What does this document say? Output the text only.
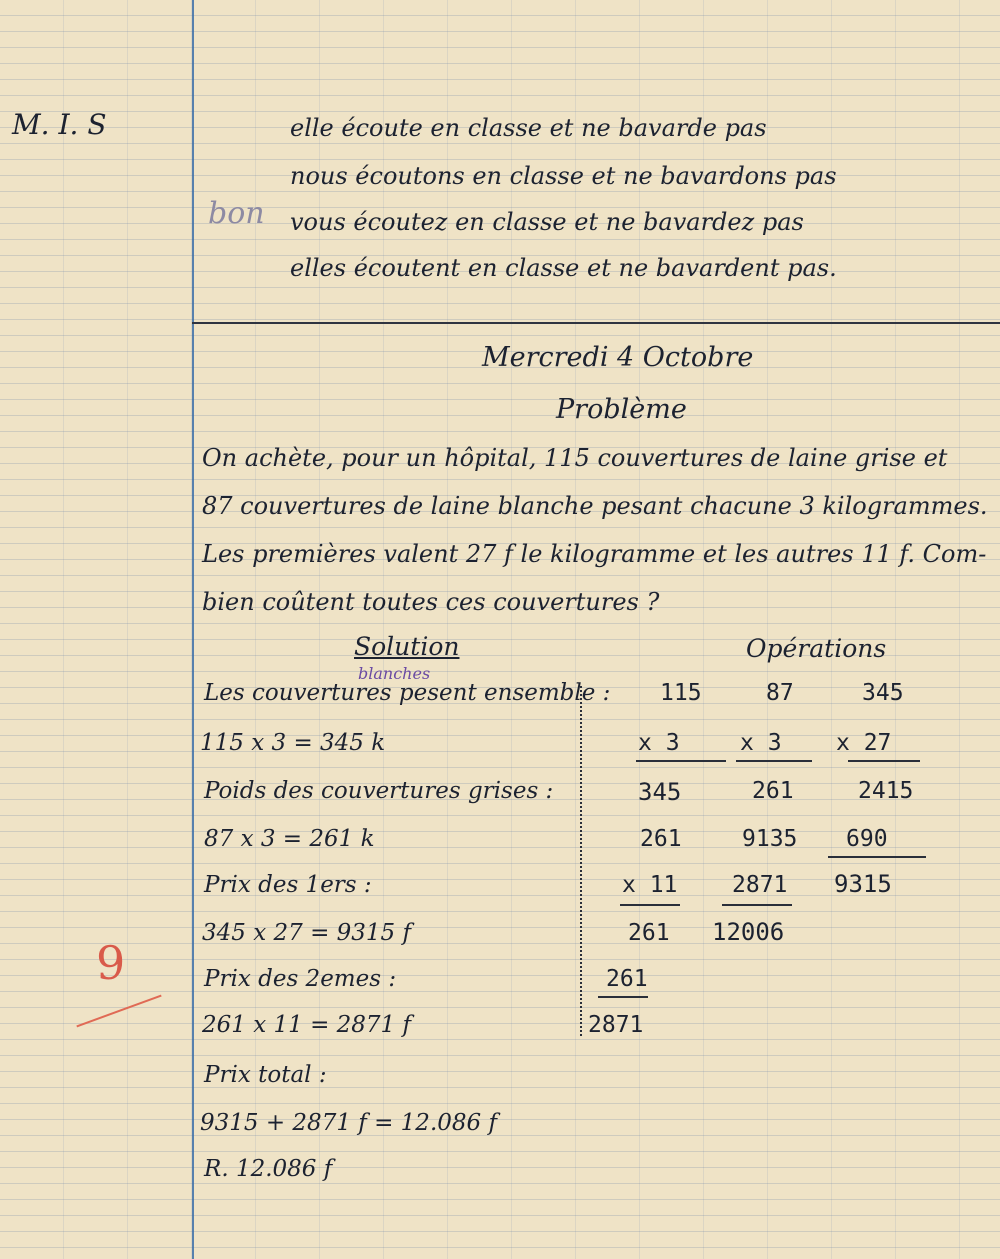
M. I. S
bon
9
elle écoute en classe et ne bavarde pas
nous écoutons en classe et ne bavardons pas
vous écoutez en classe et ne bavardez pas
elles écoutent en classe et ne bavardent pas.
Mercredi 4 Octobre
Problème
On achète, pour un hôpital, 115 couvertures de laine grise et
87 couvertures de laine blanche pesant chacune 3 kilogrammes.
Les premières valent 27 f le kilogramme et les autres 11 f. Com-
bien coûtent toutes ces couvertures ?
Solution	Opérations
blanches
Les couvertures pesent ensemble :
115 x 3 = 345 k
Poids des couvertures grises :
87 x 3 = 261 k
Prix des 1ers :
345 x 27 = 9315 f
Prix des 2emes :
261 x 11 = 2871 f
Prix total :
9315 + 2871 f = 12.086 f
R. 12.086 f
115
x 3
345
261
x 11
261
261
2871
87
x 3
261
9135
2871
12006
345
x 27
2415
690
9315
